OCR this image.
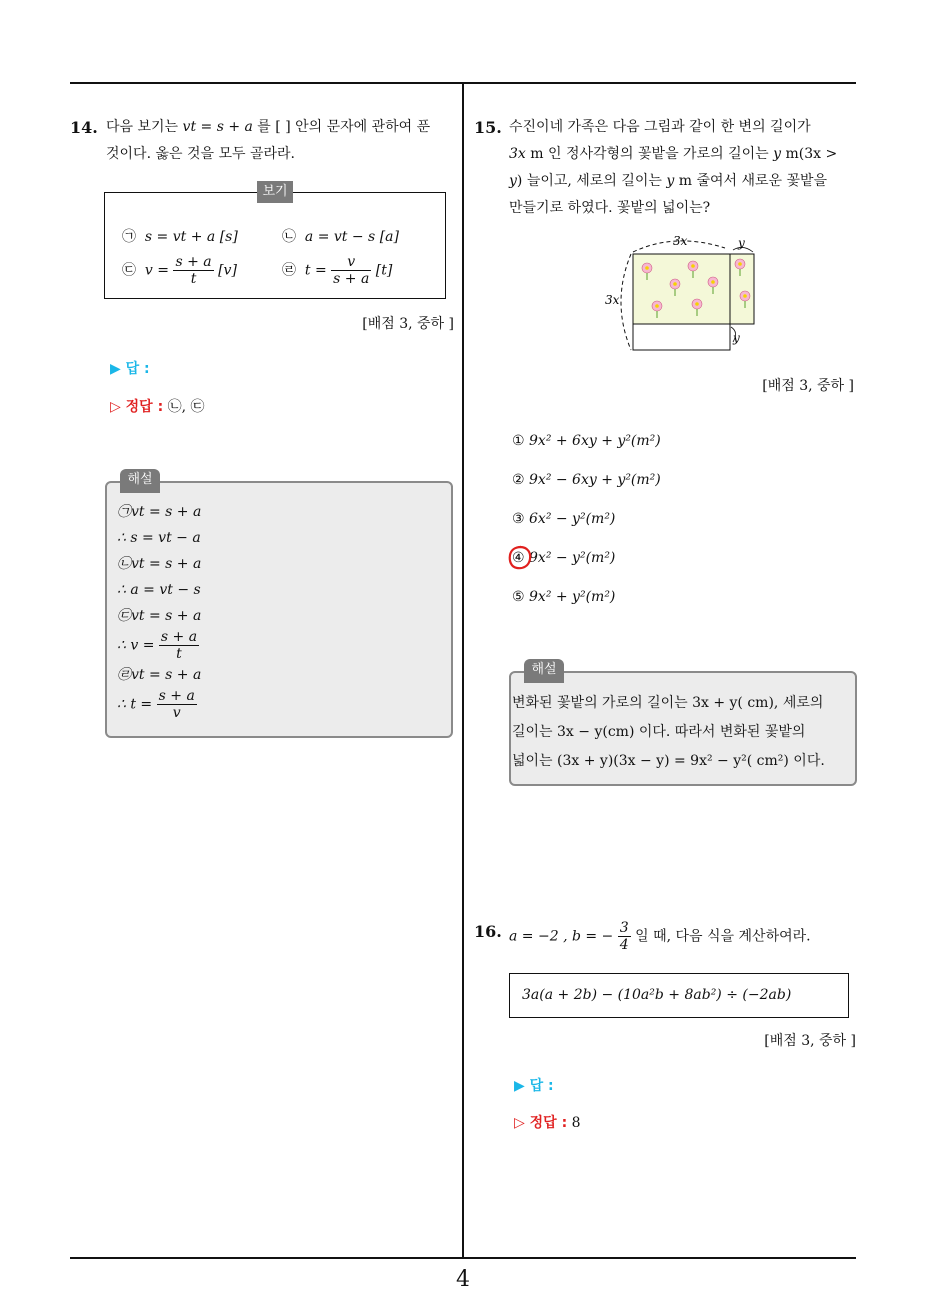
4
14. 다음 보기는 vt = s + a 를 [ ] 안의 문자에 관하여 푼
것이다. 옳은 것을 모두 골라라.
보기
㉠ s = vt + a [s]	㉡ a = vt − s [a]
㉢ $v = \frac{s + a}{t} [v]$	㉣ $t = \frac{v}{s + a} [t]$
[배점 3, 중하 ]
▶ 답 :
▷ 정답 : ㉡, ㉢
해설
㉠vt = s + a
∴ s = vt − a
㉡vt = s + a
∴ a = vt − s
㉢vt = s + a
∴ $v = \frac{s + a}{t}$
㉣vt = s + a
∴ $t = \frac{s + a}{v}$
15. 수진이네 가족은 다음 그림과 같이 한 변의 길이가
3x m 인 정사각형의 꽃밭을 가로의 길이는 y m(3x >
y) 늘이고, 세로의 길이는 y m 줄여서 새로운 꽃밭을
만들기로 하였다. 꽃밭의 넓이는?
3x	y
3x
y
[배점 3, 중하 ]
① 9x² + 6xy + y²(m²)
② 9x² − 6xy + y²(m²)
③ 6x² − y²(m²)
④ 9x² − y²(m²)
⑤ 9x² + y²(m²)
해설
변화된 꽃밭의 가로의 길이는 3x + y( cm), 세로의
길이는 3x − y(cm) 이다. 따라서 변화된 꽃밭의
넓이는 (3x + y)(3x − y) = 9x² − y²( cm²) 이다.
16. a = −2 , b = − $\frac{3}{4}$ 일 때, 다음 식을 계산하여라.
3a(a + 2b) − (10a²b + 8ab²) ÷ (−2ab)
[배점 3, 중하 ]
▶ 답 :
▷ 정답 : 8
